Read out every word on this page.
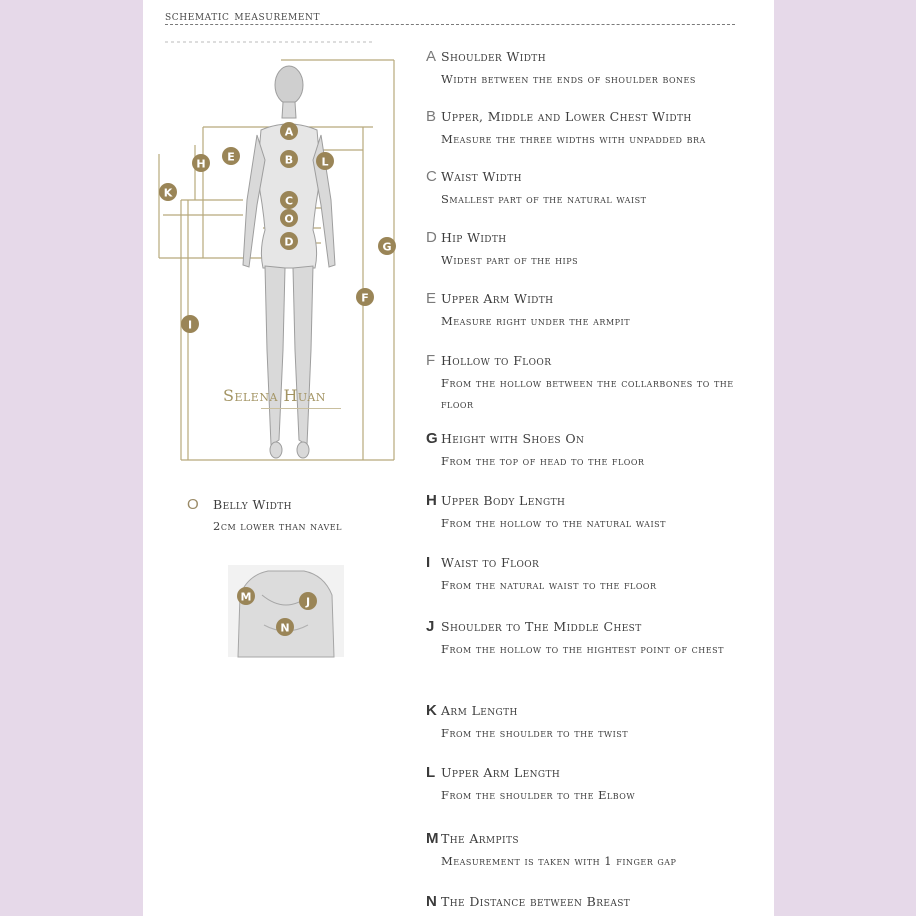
schematic measurement
A
B
C
O
D
E
H	L
K
G
F
I
M	J
N
Selena Huan
O	Belly Width
2cm lower than navel
A Shoulder Width
Width between the ends of shoulder bones
B Upper, Middle and Lower Chest Width
Measure the three widths with unpadded bra
C Waist Width
Smallest part of the natural waist
D Hip Width
Widest part of the hips
E Upper Arm Width
Measure right under the armpit
F Hollow to Floor
From the hollow between the collarbones to the floor
G Height with Shoes On
From the top of head to the floor
H Upper Body Length
From the hollow to the natural waist
I Waist to Floor
From the natural waist to the floor
J Shoulder to The Middle Chest
From the hollow to the hightest point of chest
K Arm Length
From the shoulder to the twist
L Upper Arm Length
From the shoulder to the Elbow
M The Armpits
Measurement is taken with 1 finger gap
N The Distance between Breast
